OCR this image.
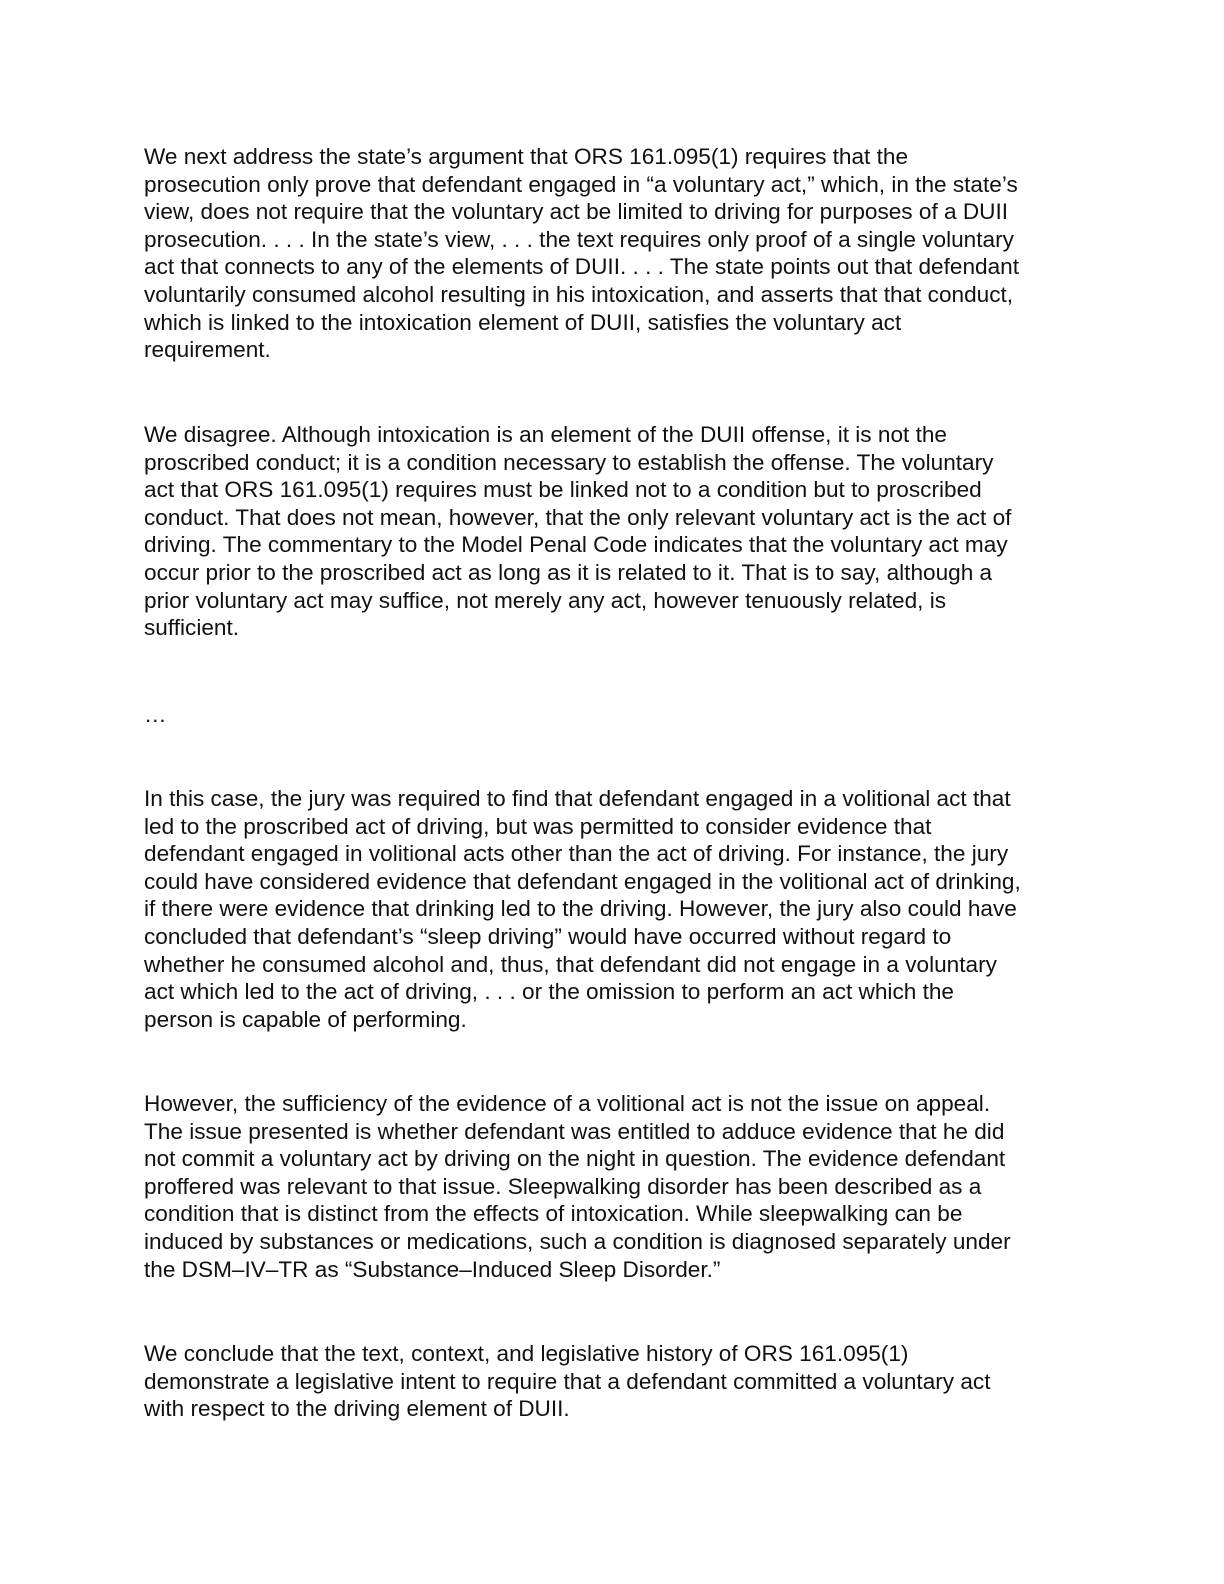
We next address the state’s argument that ORS 161.095(1) requires that the
prosecution only prove that defendant engaged in “a voluntary act,” which, in the state’s
view, does not require that the voluntary act be limited to driving for purposes of a DUII
prosecution. . . . In the state’s view, . . . the text requires only proof of a single voluntary
act that connects to any of the elements of DUII. . . . The state points out that defendant
voluntarily consumed alcohol resulting in his intoxication, and asserts that that conduct,
which is linked to the intoxication element of DUII, satisfies the voluntary act
requirement.

We disagree. Although intoxication is an element of the DUII offense, it is not the
proscribed conduct; it is a condition necessary to establish the offense. The voluntary
act that ORS 161.095(1) requires must be linked not to a condition but to proscribed
conduct. That does not mean, however, that the only relevant voluntary act is the act of
driving. The commentary to the Model Penal Code indicates that the voluntary act may
occur prior to the proscribed act as long as it is related to it. That is to say, although a
prior voluntary act may suffice, not merely any act, however tenuously related, is
sufficient.

…

In this case, the jury was required to find that defendant engaged in a volitional act that
led to the proscribed act of driving, but was permitted to consider evidence that
defendant engaged in volitional acts other than the act of driving. For instance, the jury
could have considered evidence that defendant engaged in the volitional act of drinking,
if there were evidence that drinking led to the driving. However, the jury also could have
concluded that defendant’s “sleep driving” would have occurred without regard to
whether he consumed alcohol and, thus, that defendant did not engage in a voluntary
act which led to the act of driving, . . . or the omission to perform an act which the
person is capable of performing.

However, the sufficiency of the evidence of a volitional act is not the issue on appeal.
The issue presented is whether defendant was entitled to adduce evidence that he did
not commit a voluntary act by driving on the night in question. The evidence defendant
proffered was relevant to that issue. Sleepwalking disorder has been described as a
condition that is distinct from the effects of intoxication. While sleepwalking can be
induced by substances or medications, such a condition is diagnosed separately under
the DSM–IV–TR as “Substance–Induced Sleep Disorder.”

We conclude that the text, context, and legislative history of ORS 161.095(1)
demonstrate a legislative intent to require that a defendant committed a voluntary act
with respect to the driving element of DUII.
